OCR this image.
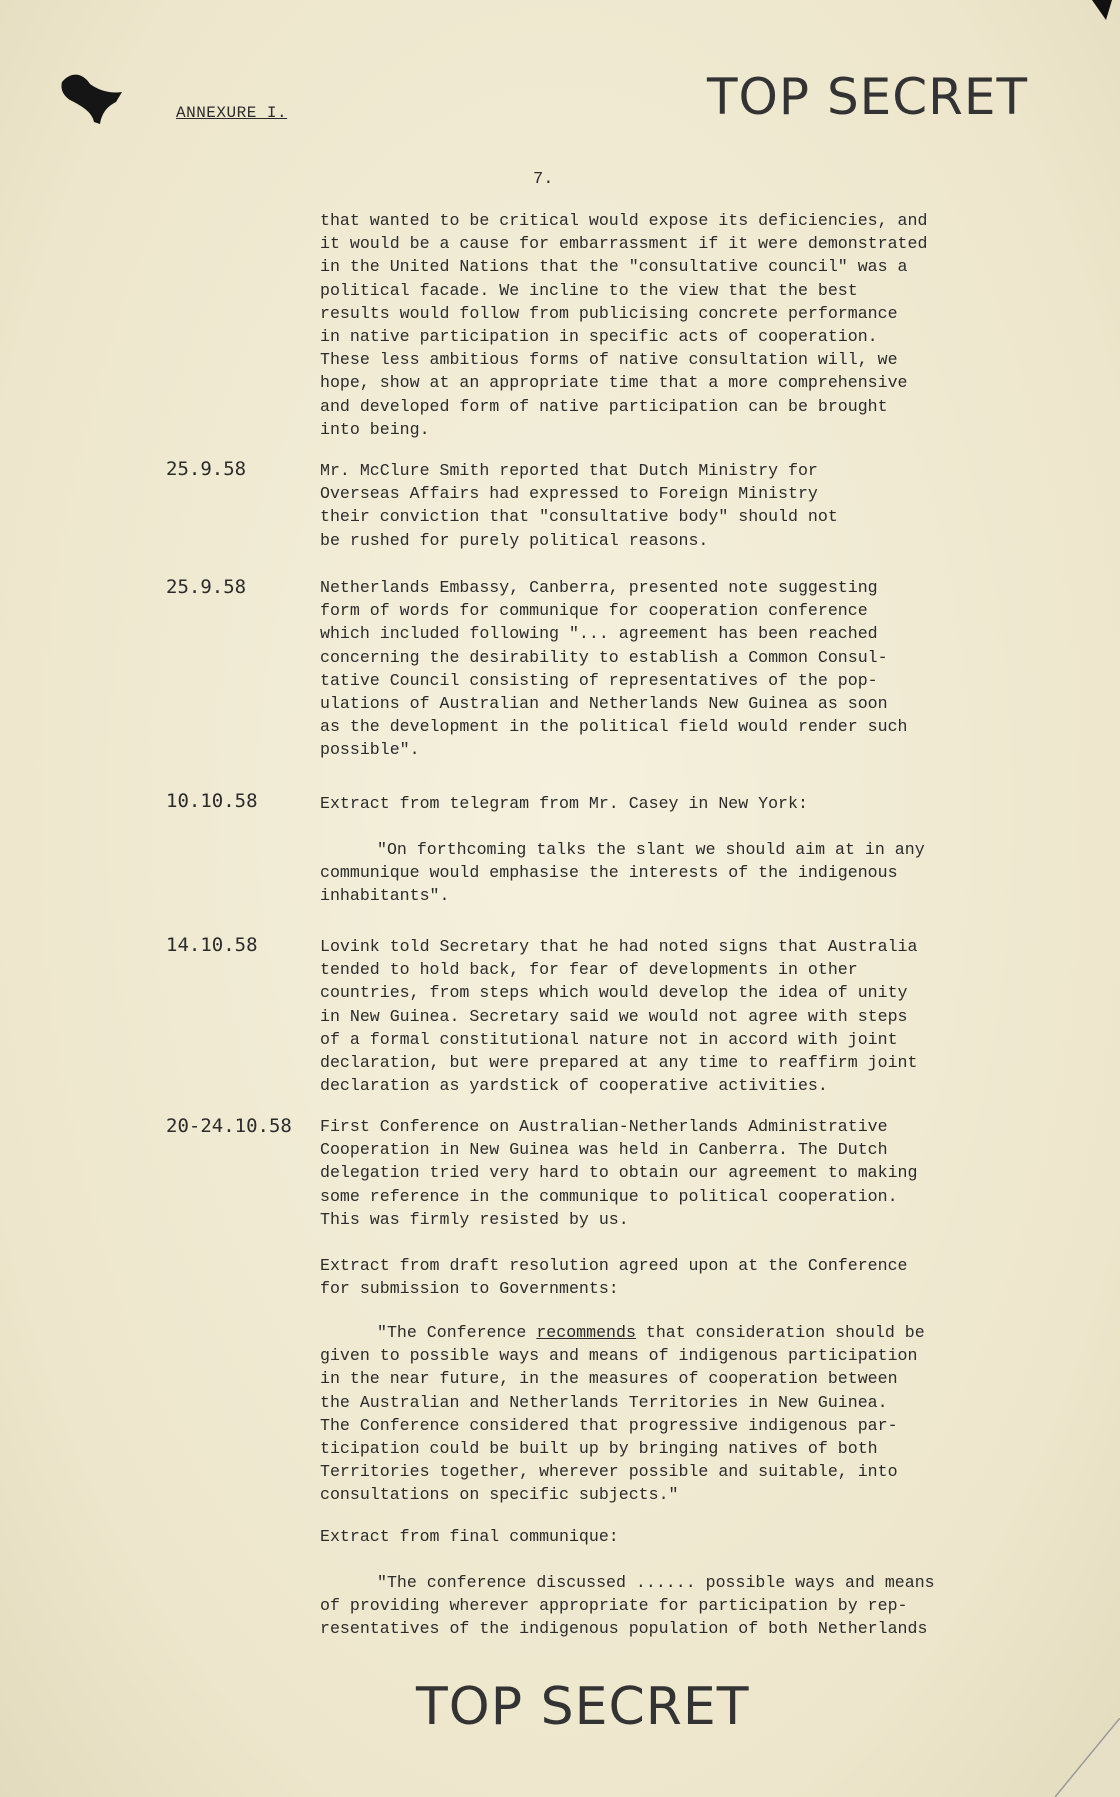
ANNEXURE I.	TOP SECRET
7.

that wanted to be critical would expose its deficiencies, and
it would be a cause for embarrassment if it were demonstrated
in the United Nations that the "consultative council" was a
political facade. We incline to the view that the best
results would follow from publicising concrete performance
in native participation in specific acts of cooperation.
These less ambitious forms of native consultation will, we
hope, show at an appropriate time that a more comprehensive
and developed form of native participation can be brought
into being.

25.9.58	Mr. McClure Smith reported that Dutch Ministry for
Overseas Affairs had expressed to Foreign Ministry
their conviction that "consultative body" should not
be rushed for purely political reasons.

25.9.58	Netherlands Embassy, Canberra, presented note suggesting
form of words for communique for cooperation conference
which included following "... agreement has been reached
concerning the desirability to establish a Common Consul-
tative Council consisting of representatives of the pop-
ulations of Australian and Netherlands New Guinea as soon
as the development in the political field would render such
possible".

10.10.58	Extract from telegram from Mr. Casey in New York:

"On forthcoming talks the slant we should aim at in any
communique would emphasise the interests of the indigenous
inhabitants".

14.10.58	Lovink told Secretary that he had noted signs that Australia
tended to hold back, for fear of developments in other
countries, from steps which would develop the idea of unity
in New Guinea. Secretary said we would not agree with steps
of a formal constitutional nature not in accord with joint
declaration, but were prepared at any time to reaffirm joint
declaration as yardstick of cooperative activities.

20-24.10.58 First Conference on Australian-Netherlands Administrative
Cooperation in New Guinea was held in Canberra. The Dutch
delegation tried very hard to obtain our agreement to making
some reference in the communique to political cooperation.
This was firmly resisted by us.

Extract from draft resolution agreed upon at the Conference
for submission to Governments:

"The Conference recommends that consideration should be
given to possible ways and means of indigenous participation
in the near future, in the measures of cooperation between
the Australian and Netherlands Territories in New Guinea.
The Conference considered that progressive indigenous par-
ticipation could be built up by bringing natives of both
Territories together, wherever possible and suitable, into
consultations on specific subjects."

Extract from final communique:

"The conference discussed ...... possible ways and means
of providing wherever appropriate for participation by rep-
resentatives of the indigenous population of both Netherlands

TOP SECRET
